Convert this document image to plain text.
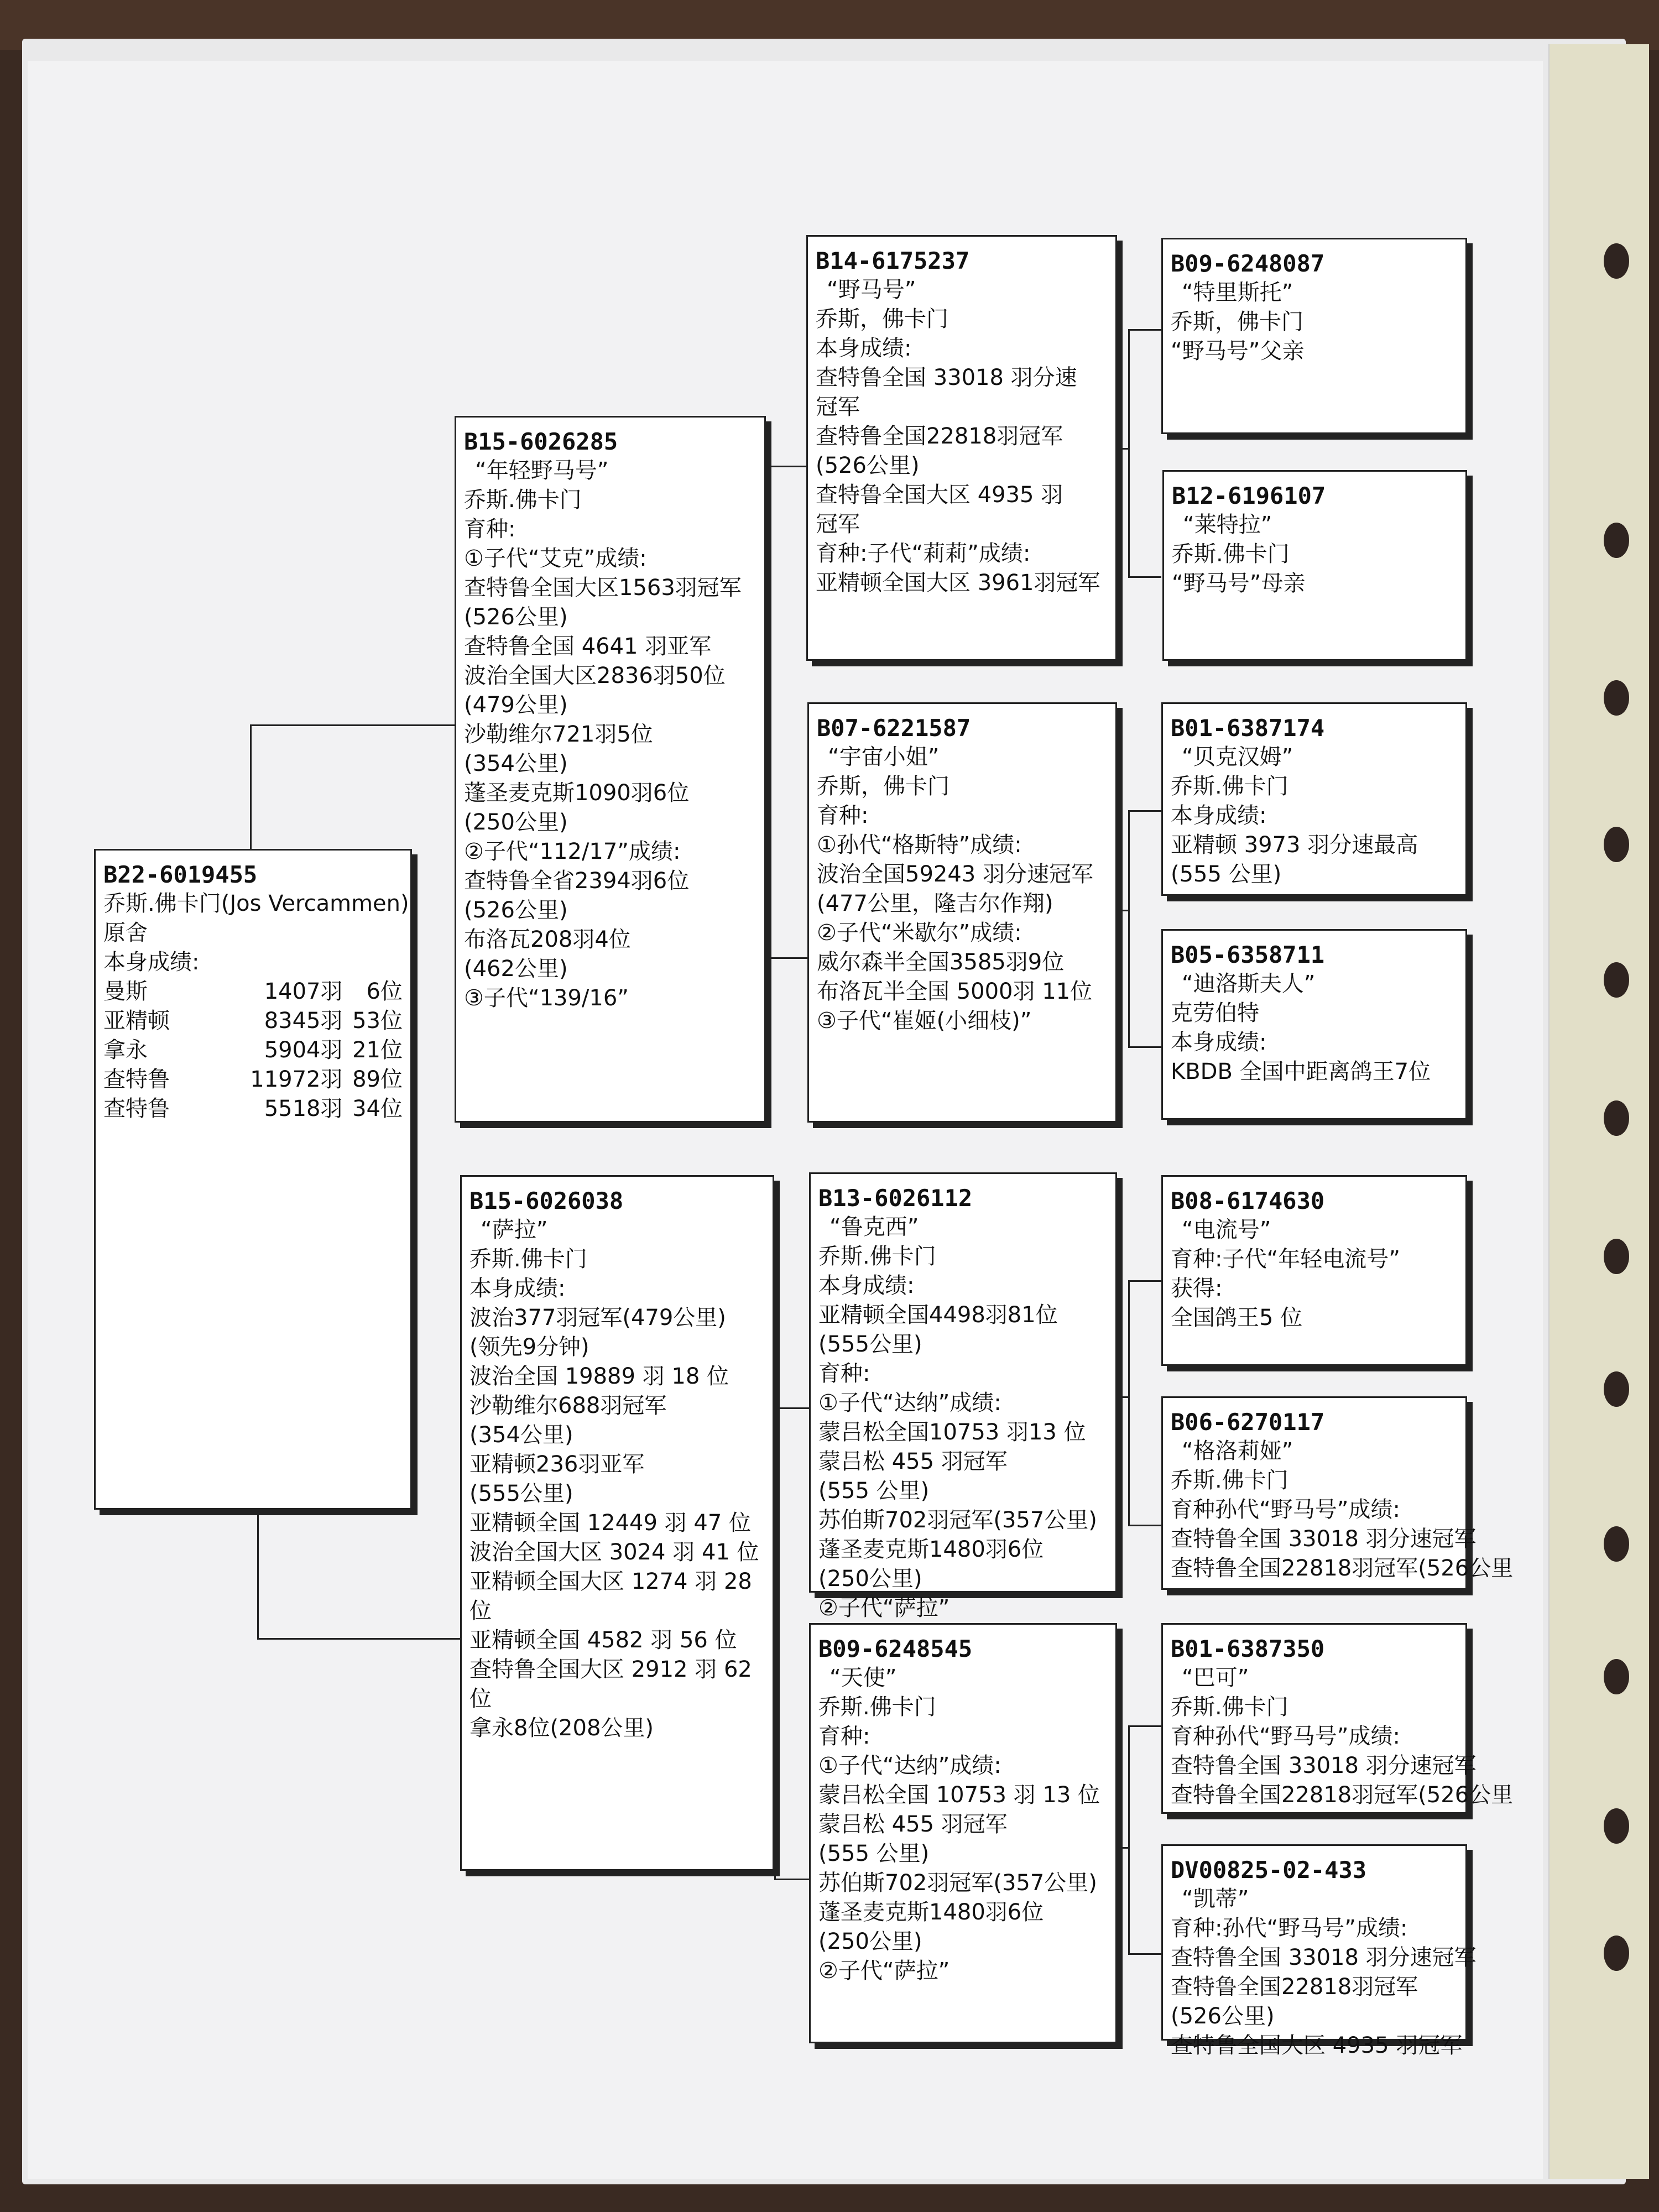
B22-6019455
乔斯.佛卡门(Jos Vercammen)
原舍
本身成绩:
曼斯	1407羽	6位
亚精顿	8345羽	53位
拿永	5904羽	21位
查特鲁	11972羽	89位
查特鲁	5518羽	34位
B15-6026285
“年轻野马号”
乔斯.佛卡门
育种:
①子代“艾克”成绩:
查特鲁全国大区1563羽冠军
(526公里)
查特鲁全国 4641 羽亚军
波治全国大区2836羽50位
(479公里)
沙勒维尔721羽5位
(354公里)
蓬圣麦克斯1090羽6位
(250公里)
②子代“112/17”成绩:
查特鲁全省2394羽6位
(526公里)
布洛瓦208羽4位
(462公里)
③子代“139/16”
B15-6026038
“萨拉”
乔斯.佛卡门
本身成绩:
波治377羽冠军(479公里)
(领先9分钟)
波治全国 19889 羽 18 位
沙勒维尔688羽冠军
(354公里)
亚精顿236羽亚军
(555公里)
亚精顿全国 12449 羽 47 位
波治全国大区 3024 羽 41 位
亚精顿全国大区 1274 羽 28
位
亚精顿全国 4582 羽 56 位
查特鲁全国大区 2912 羽 62
位
拿永8位(208公里)
B14-6175237
“野马号”
乔斯，佛卡门
本身成绩:
查特鲁全国 33018 羽分速
冠军
查特鲁全国22818羽冠军
(526公里)
查特鲁全国大区 4935 羽
冠军
育种:子代“莉莉”成绩:
亚精顿全国大区 3961羽冠军
B07-6221587
“宇宙小姐”
乔斯，佛卡门
育种:
①孙代“格斯特”成绩:
波治全国59243 羽分速冠军
(477公里，隆吉尔作翔)
②子代“米歇尔”成绩:
威尔森半全国3585羽9位
布洛瓦半全国 5000羽 11位
③子代“崔姬(小细枝)”
B13-6026112
“鲁克西”
乔斯.佛卡门
本身成绩:
亚精顿全国4498羽81位
(555公里)
育种:
①子代“达纳”成绩:
蒙吕松全国10753 羽13 位
蒙吕松 455 羽冠军
(555 公里)
苏伯斯702羽冠军(357公里)
蓬圣麦克斯1480羽6位
(250公里)
②子代“萨拉”
B09-6248545
“天使”
乔斯.佛卡门
育种:
①子代“达纳”成绩:
蒙吕松全国 10753 羽 13 位
蒙吕松 455 羽冠军
(555 公里)
苏伯斯702羽冠军(357公里)
蓬圣麦克斯1480羽6位
(250公里)
②子代“萨拉”
B09-6248087
“特里斯托”
乔斯，佛卡门
“野马号”父亲
B12-6196107
“莱特拉”
乔斯.佛卡门
“野马号”母亲
B01-6387174
“贝克汉姆”
乔斯.佛卡门
本身成绩:
亚精顿 3973 羽分速最高
(555 公里)
B05-6358711
“迪洛斯夫人”
克劳伯特
本身成绩:
KBDB 全国中距离鸽王7位
B08-6174630
“电流号”
育种:子代“年轻电流号”
获得:
全国鸽王5 位
B06-6270117
“格洛莉娅”
乔斯.佛卡门
育种孙代“野马号”成绩:
查特鲁全国 33018 羽分速冠军
查特鲁全国22818羽冠军(526公里
B01-6387350
“巴可”
乔斯.佛卡门
育种孙代“野马号”成绩:
查特鲁全国 33018 羽分速冠军
查特鲁全国22818羽冠军(526公里
DV00825-02-433
“凯蒂”
育种:孙代“野马号”成绩:
查特鲁全国 33018 羽分速冠军
查特鲁全国22818羽冠军
(526公里)
查特鲁全国大区 4935 羽冠军
